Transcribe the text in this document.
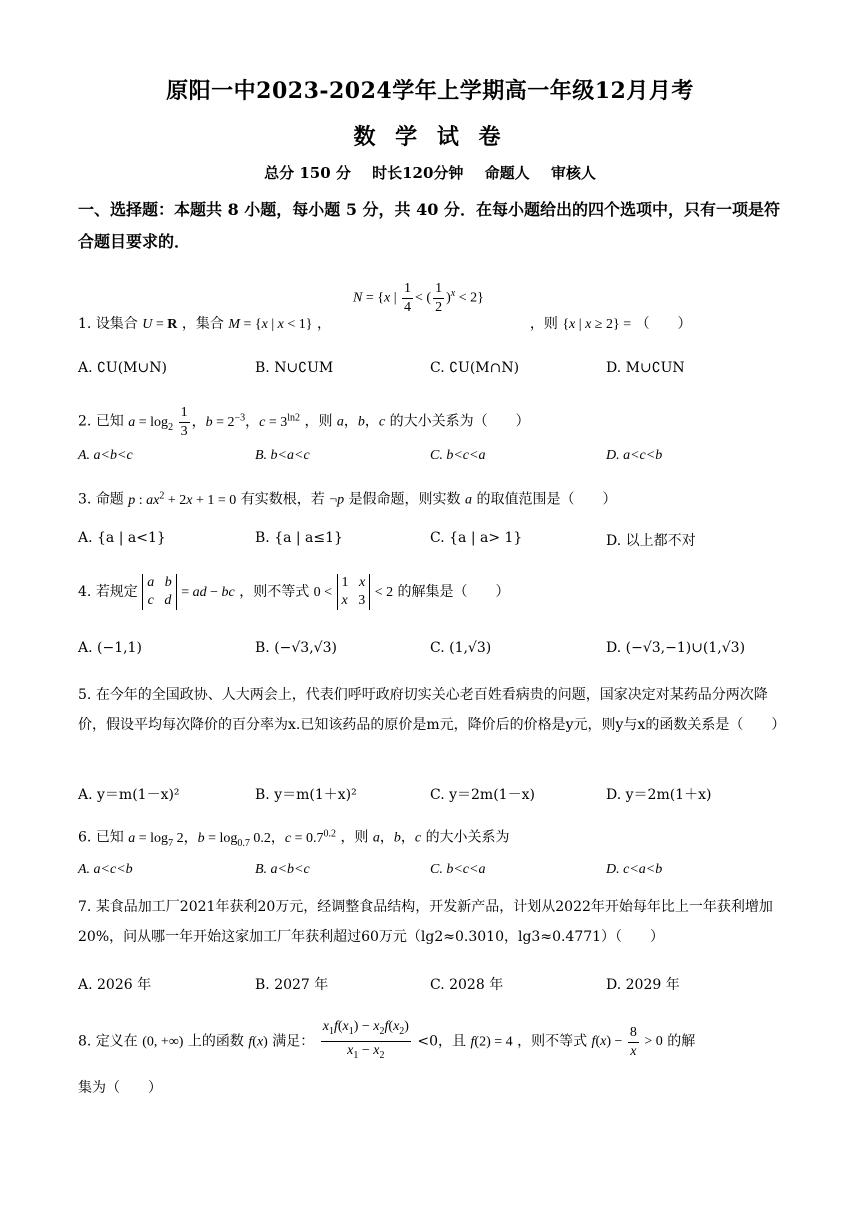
原阳一中2023-2024学年上学期高一年级12月月考
数 学 试 卷
总分 150 分 时长120分钟 命题人 审核人
一、选择题：本题共 8 小题，每小题 5 分，共 40 分．在每小题给出的四个选项中，只有一项是符合题目要求的．
N = {x | $\frac{1}{4}$ < ( $\frac{1}{2} )^x < 2$}
1. 设集合 U = R ，集合 M = {x | x < 1} ，	，则 {x | x ≥ 2} = （　　）
A. ∁U(M∪N)	B. N∪∁UM	C. ∁U(M∩N)	D. M∪∁UN
2. 已知 $a = \log_2 \frac{1}{3}$ ，$b = 2^{-3}$，$c = 3^{ln2}$ ，则 a，b，c 的大小关系为（　　）
A. a<b<c	B. b<a<c	C. b<c<a	D. a<c<b
3. 命题 p : $ax^2 + 2x + 1 = 0$ 有实数根，若 ¬p 是假命题，则实数 a 的取值范围是（　　）
A. {a | a<1}	B. {a | a≤1}	C. {a | a> 1}	D. 以上都不对
4. 若规定 a b
c d = ad − bc ，则不等式 0 < 1   x
x   3 < 2 的解集是（　　）
A. (−1,1)	B. (−√3,√3)	C. (1,√3)	D. (−√3,−1)∪(1,√3)
5. 在今年的全国政协、人大两会上，代表们呼吁政府切实关心老百姓看病贵的问题，国家决定对某药品分两次降价，假设平均每次降价的百分率为x.已知该药品的原价是m元，降价后的价格是y元，则y与x的函数关系是（　　）
A. y＝m(1－x)²	B. y＝m(1＋x)²	C. y＝2m(1－x)	D. y＝2m(1＋x)
6. 已知 $a = \log_7 2$，$b = \log_{0.7} 0.2$，$c = 0.7^{0.2}$ ，则 a，b，c 的大小关系为
A. a<c<b	B. a<b<c	C. b<c<a	D. c<a<b
7. 某食品加工厂2021年获利20万元，经调整食品结构，开发新产品，计划从2022年开始每年比上一年获利增加20%，问从哪一年开始这家加工厂年获利超过60万元（lg2≈0.3010，lg3≈0.4771）（　　）
A. 2026 年	B. 2027 年	C. 2028 年	D. 2029 年
8. 定义在 (0, +∞) 上的函数 f(x) 满足： $\frac{x_1f(x_1) - x_2f(x_2)}{x_1 - x_2} <0$，且 f(2) = 4 ，则不等式 $f(x) - \frac{8}{x} > 0$ 的解
集为（　　）
